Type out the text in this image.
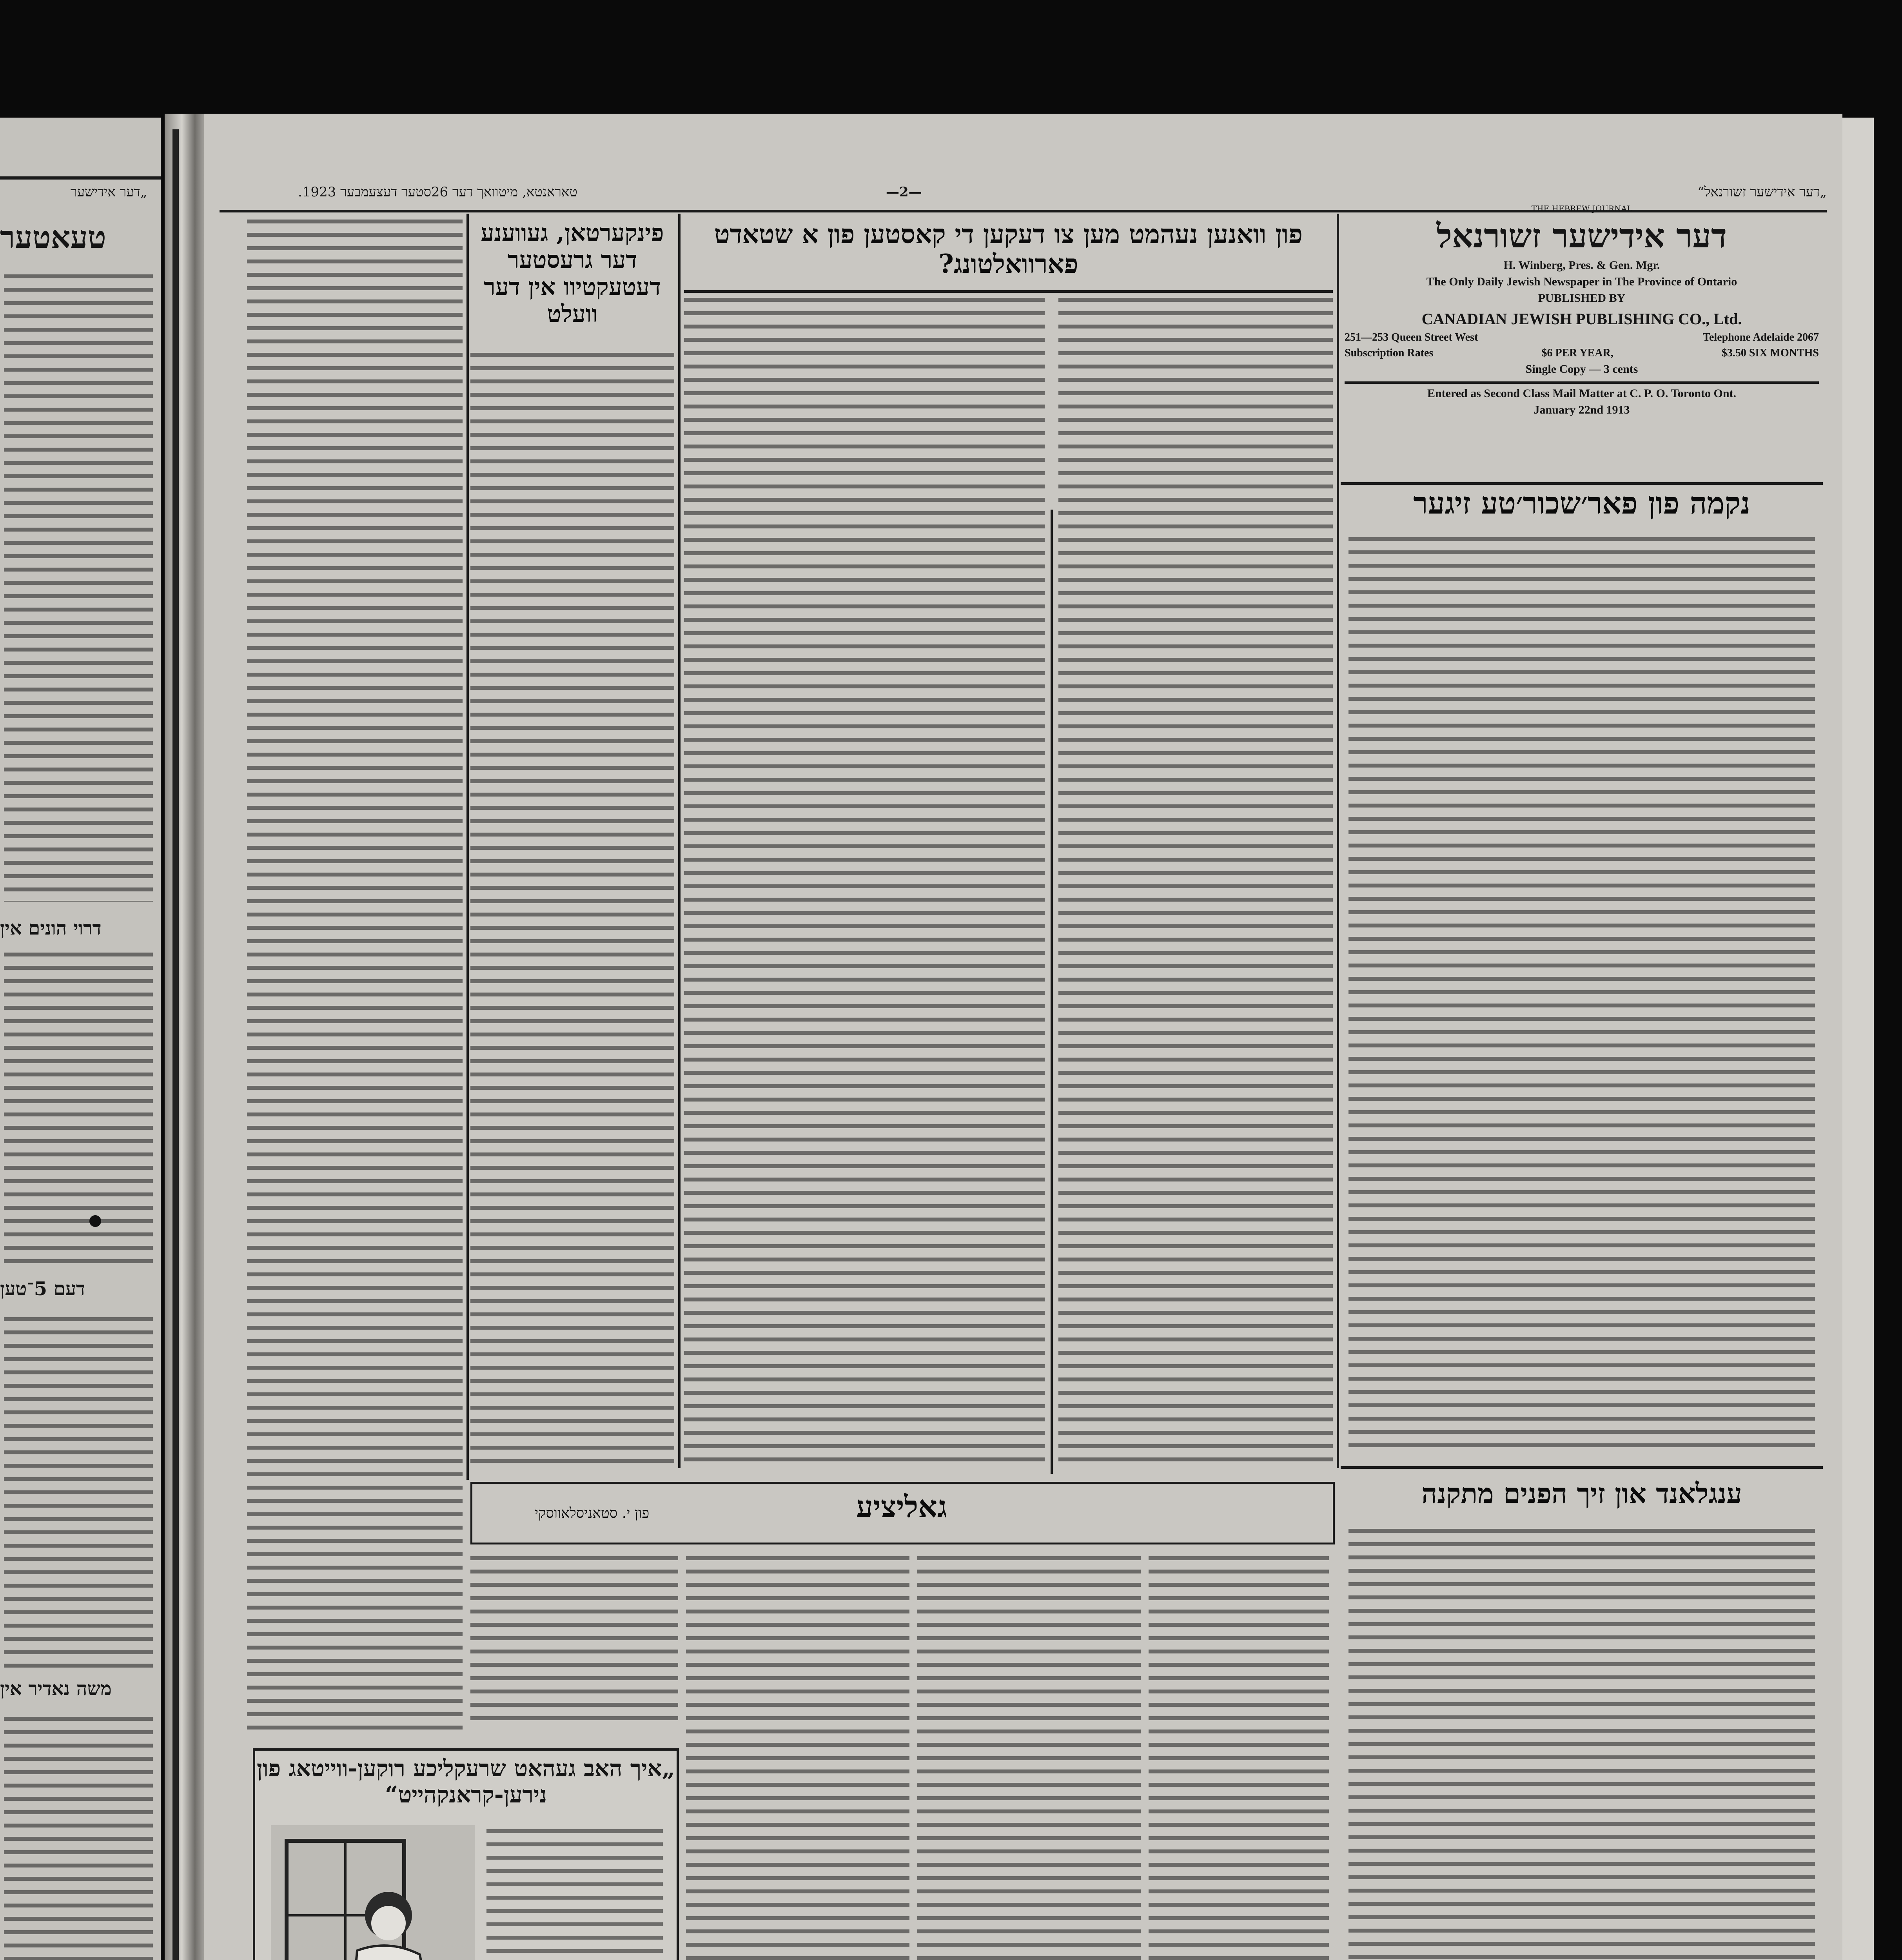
„דער אידישער
טעאטער
דרוי הונים אין
דעם 5־טען
משה נאדיר אין
„דער אידישער זשורנאל“
—2—
טאראנטא, מיטוואך דער 26סטער דעצעמבער 1923.
THE HEBREW JOURNAL
דער אידישער זשורנאל
H. Winberg, Pres. & Gen. Mgr.
The Only Daily Jewish Newspaper in The Province of Ontario
PUBLISHED BY
CANADIAN JEWISH PUBLISHING CO., Ltd.
251—253 Queen Street West	Telephone Adelaide 2067
Subscription Rates	$6 PER YEAR,	$3.50 SIX MONTHS
Single Copy — 3 cents
Entered as Second Class Mail Matter at C. P. O. Toronto Ont.
January 22nd 1913
נקמה פון פאר׳שכור׳טע זיגער
פון וואנען נעהמט מען צו דעקען די קאסטען פון א שטאדט פארוואלטונג?
פינקערטאן, געווענע דער גרעסטער דעטעקטיוו אין דער וועלט
ענגלאנד און זיך הפנים מתקנה
גאליציע
פון י. סטאניסלאווסקי
„איך האב געהאט שרעקליכע רוקען-ווייטאג פון נירען-קראנקהייט“
